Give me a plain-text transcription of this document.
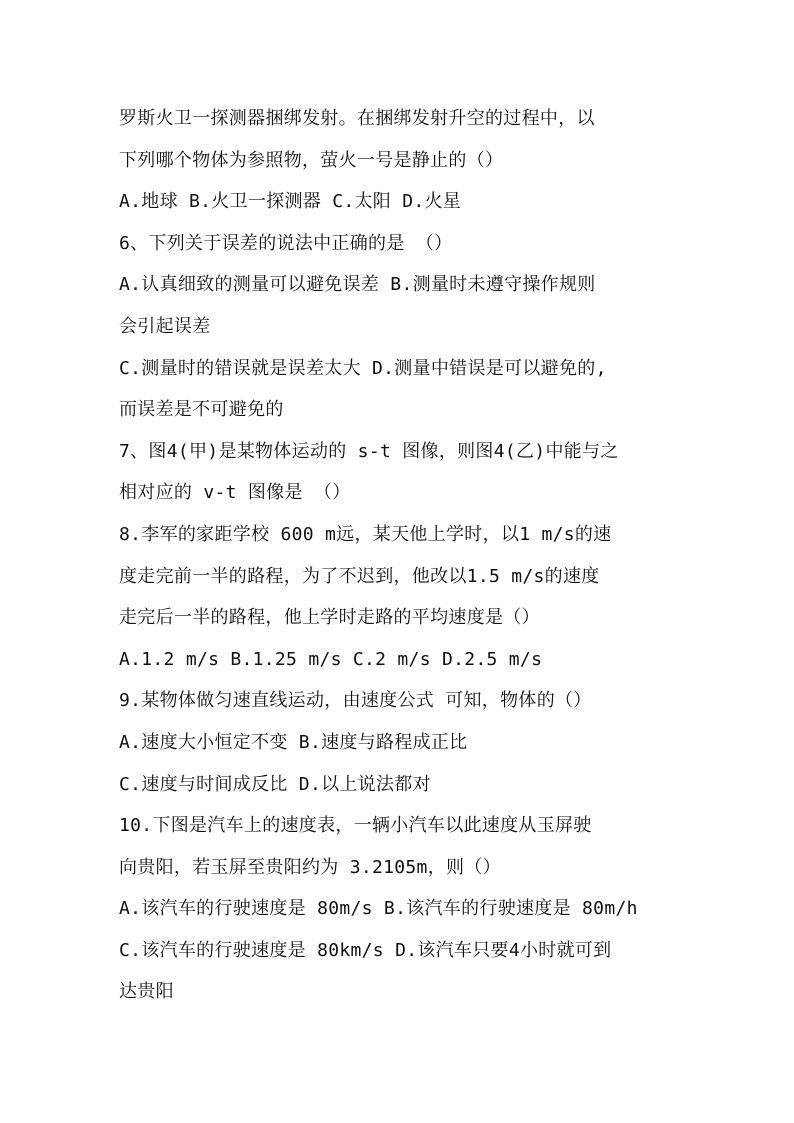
罗斯火卫一探测器捆绑发射。在捆绑发射升空的过程中，以
下列哪个物体为参照物，萤火一号是静止的（）
A.地球 B.火卫一探测器 C.太阳 D.火星
6、下列关于误差的说法中正确的是 （）
A.认真细致的测量可以避免误差 B.测量时未遵守操作规则
会引起误差
C.测量时的错误就是误差太大 D.测量中错误是可以避免的,
而误差是不可避免的
7、图4(甲)是某物体运动的 s-t 图像，则图4(乙)中能与之
相对应的 v-t 图像是 （）
8.李军的家距学校 600 m远，某天他上学时，以1 m/s的速
度走完前一半的路程，为了不迟到，他改以1.5 m/s的速度
走完后一半的路程，他上学时走路的平均速度是（）
A.1.2 m/s B.1.25 m/s C.2 m/s D.2.5 m/s
9.某物体做匀速直线运动，由速度公式 可知，物体的（）
A.速度大小恒定不变 B.速度与路程成正比
C.速度与时间成反比 D.以上说法都对
10.下图是汽车上的速度表，一辆小汽车以此速度从玉屏驶
向贵阳，若玉屏至贵阳约为 3.2105m，则（）
A.该汽车的行驶速度是 80m/s B.该汽车的行驶速度是 80m/h
C.该汽车的行驶速度是 80km/s D.该汽车只要4小时就可到
达贵阳
